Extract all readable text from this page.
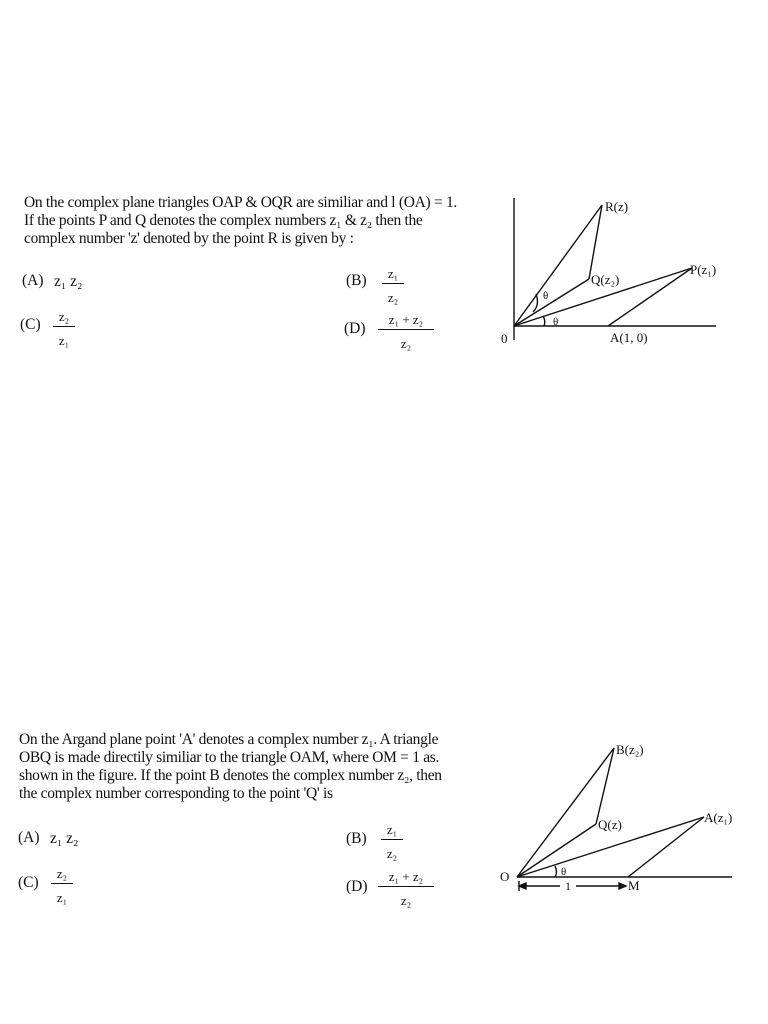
On the complex plane triangles OAP & OQR are similiar and l (OA) = 1.
If the points P and Q denotes the complex numbers z₁ & z₂ then the
complex number 'z' denoted by the point R is given by :
(A) z₁ z₂	$(B) \frac{\text{z₁}}{\text{z₂}}$
$(C) \frac{\text{z₂}}{\text{z₁}}$	$(D) \frac{\text{z₁ + z₂}}{\text{z₂}}$
R(z)
Q(z₂)
P(z₁)
A(1, 0)
0
θ
θ
On the Argand plane point 'A' denotes a complex number z₁. A triangle
OBQ is made directily similiar to the triangle OAM, where OM = 1 as.
shown in the figure. If the point B denotes the complex number z₂, then
the complex number corresponding to the point 'Q' is
(A) z₁ z₂	$(B) \frac{\text{z₁}}{\text{z₂}}$
$(C) \frac{\text{z₂}}{\text{z₁}}$	$(D) \frac{\text{z₁ + z₂}}{\text{z₂}}$
B(z₂)
Q(z)	A(z₁)
M
O
1
θ
